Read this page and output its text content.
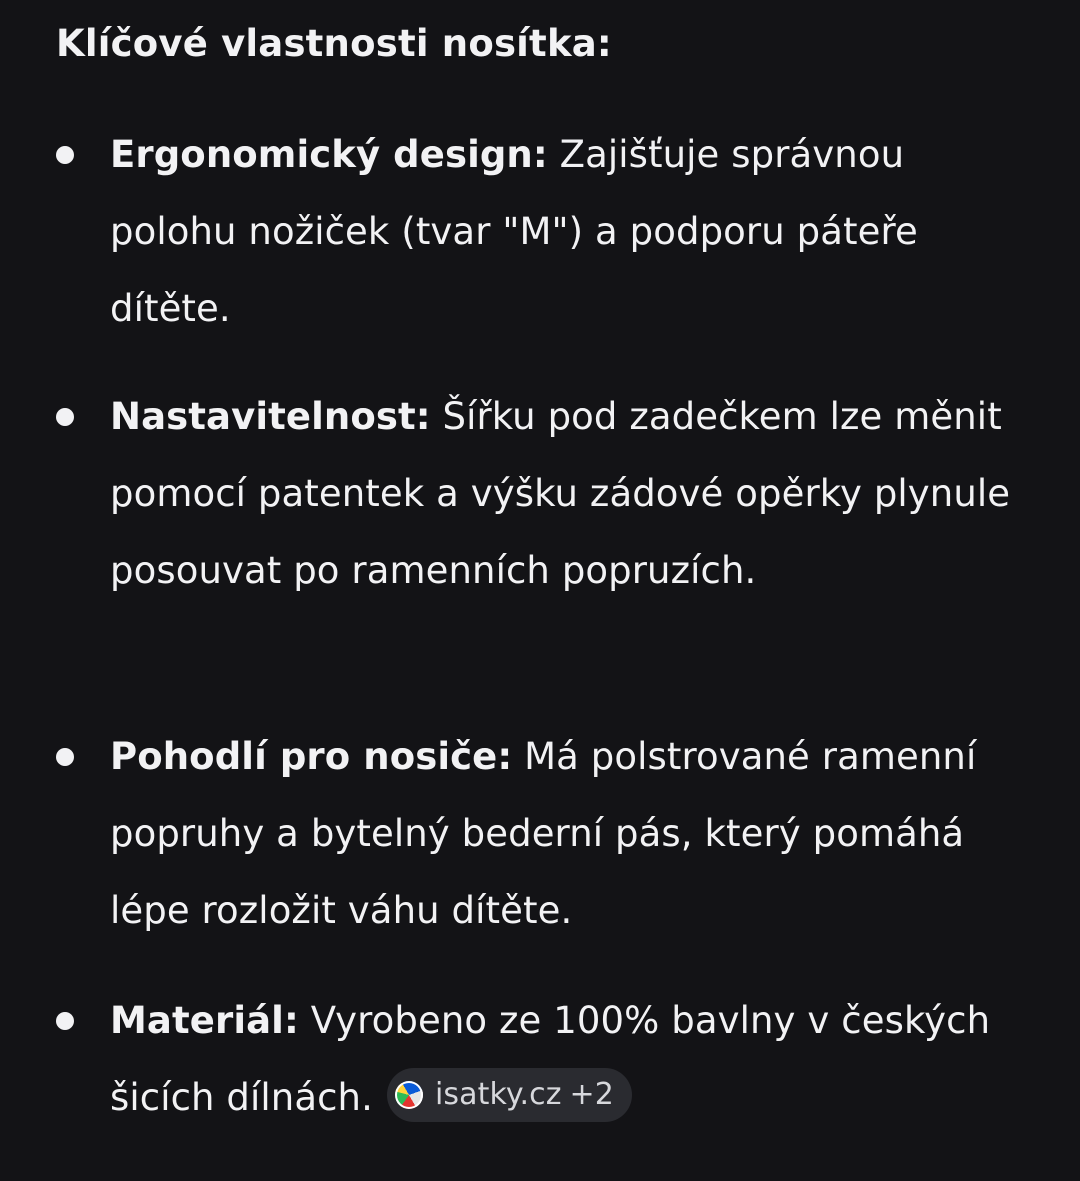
Klíčové vlastnosti nosítka:
Ergonomický design: Zajišťuje správnou polohu nožiček (tvar "M") a podporu páteře dítěte.
Nastavitelnost: Šířku pod zadečkem lze měnit pomocí patentek a výšku zádové opěrky plynule posouvat po ramenních popruzích.
Pohodlí pro nosiče: Má polstrované ramenní popruhy a bytelný bederní pás, který pomáhá lépe rozložit váhu dítěte.
Materiál: Vyrobeno ze 100% bavlny v českých šicích dílnách. isatky.cz +2
